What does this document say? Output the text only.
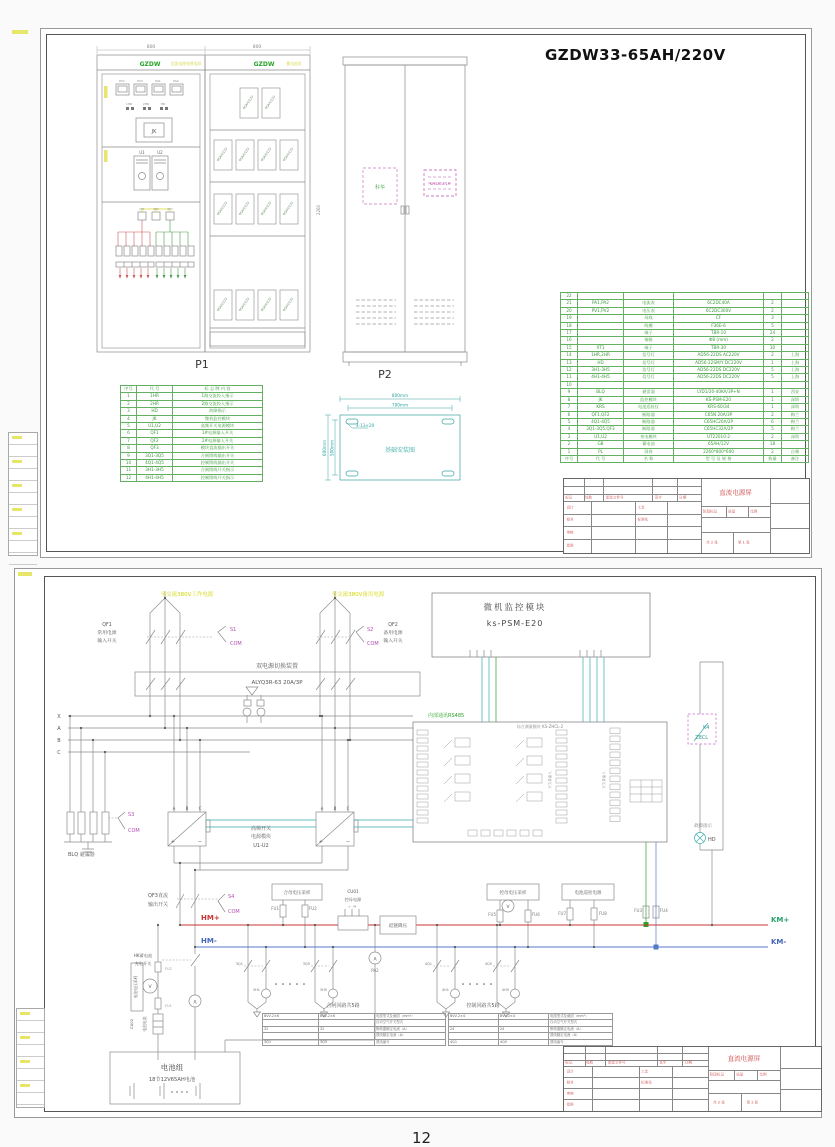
800	800
GZDW	直流电源充馈电屏	GZDW	蓄电池屏
PV1	PV2	PA1	PA2
1HR	2HR	HD
JK
U1	U2
QF1	QF2	QF3
P1
P2
2260
科华
KH-DCU-19
基础安装图
800mm
700mm
600mm 500mm
4-13×20
65AH/12V	65AH/12V
65AH/12V	65AH/12V	65AH/12V	65AH/12V
65AH/12V	65AH/12V	65AH/12V	65AH/12V
65AH/12V	65AH/12V	65AH/12V	65AH/12V
至交流380V工作电源	至交流380V备用电源
QF1
常用电源
输入开关
QF2
备用电源
输入开关
S1
COM
S2
COM
双电源切换装置
ALYQ3R-63 20A/3P
微机监控模块
ks-PSM-E20
内部通讯RS485
综合测量模块 KS-ZHCL-2
开关量输入	开关量输入
K4
ZBCL
故障指示
HD
X
A
B
C
S3
COM
BLQ 避雷器
A	B	C	A	B	C
+	−	+	−
高频开关
电源模块
U1-U2
QF3直流
输出开关
S4
COM
HM+
HM-
KM+
KM-
合母电压采样
FU1	FU2
CU01
控母电源
+ - M
硅链降压
控母电压采样
V
FU5	FU6
电池巡检电源
FU7	FU8
FU3	FU4
PA2
A
HK蓄电池
充电开关
电池电压采样 V
FU2
FU1
CU02 电池电流
A
电池组
18节12V65AH电池
合闸回路共5路	控制回路共5路
3Q1
3H1
3Q5
3H5
4Q1
4H1
4Q5
4H5
GZDW33-65AH/220V
序号	代 号	标 志 牌 内 容
1	1HR	1路交流投入指示
2	2HR	2路交流投入指示
3	HD	故障指示
4	JK	微机监控模块
5	U1,U2	高频开关电源模块
6	QF1	1#电源输入开关
7	QF2	2#电源输入开关
8	QF3	模块直流输出开关
9	3Q1-3Q5	合闸馈线输出开关
10	4Q1-4Q5	控制馈线输出开关
11	3H1-3H5	合闸馈线开关指示
12	4H1-4H5	控制馈线开关指示
22					
21	PA1,PA2	电流表	6C2DC40A	2	
20	PV1,PV2	电压表	6C2DC300V	2	
19		母线	CF	3	
18		线槽	F36E-6	5	
17		端子	TBR-10	24	
16		铜排	Φ8 (mm)	2	
15	XT1	端子	TBR-30	30	
14	1HR,2HR	信号灯	AD56-22DS AC220V	2	上海
13	HD	信号灯	AD56-22SM/Y DC220V	1	上海
12	3H1-3H5	信号灯	AD56-22DS DC220V	5	上海
11	4H1-4H5	信号灯	AD56-22DS DC220V	5	上海
10					
9	BLQ	避雷器	LYD1/20-40KA/3P+N	1	西安
8	JK	监控模块	KS-PSM-E20	1	深圳
7	KRS	电池巡检仪	KRS-60/34	1	深圳
6	QF1,QF2	断路器	C65N 20A/3P	2	梅兰
5	4Q1-4Q5	断路器	C65HC20A/2P	6	梅兰
4	3Q1-3Q5,QF3	断路器	C65HC32A/2P	5	梅兰
3	U1,U2	充电模块	UT22010-2	2	深圳
2	GB	蓄电池	65AH/12V	18	
1	PL	屏体	2260*800*600	2	自制
序号	代 号	名 称	型 号 及 规 格	数量	备注
BVV-2×6	BVV-2×6	电缆型式及截面（mm²）
		自动空气开关型式
32	32	断路器额定电流（A）
		馈线额定电流（A）
3Q1	3Q5	馈线编号
BVV-2×4	BVV-2×4	电缆型式及截面（mm²）
		自动空气开关型式
24	24	断路器额定电流（A）
		馈线额定电流（A）
4Q1	4Q5	馈线编号
标记	处数	更改文件号	签字	日期
设计
校对
审核
批准
工艺
标准化
直流电源屏
阶段标记	质量	比例
共 2 张	第 1 张
标记	处数	更改文件号	签字	日期
设计
校对
审核
批准
工艺
标准化
直流电源屏
阶段标记	质量	比例
共 2 张	第 2 张
12
